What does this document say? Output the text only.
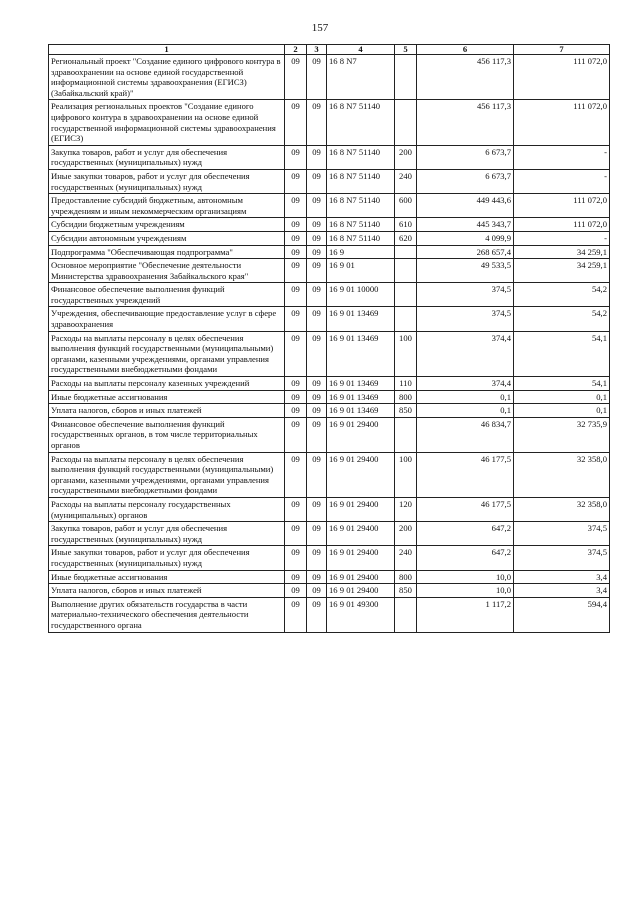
157
1	2	3	4	5	6	7
Региональный проект "Создание единого цифрового контура в здравоохранении на основе единой государственной информационной системы здравоохранения (ЕГИСЗ) (Забайкальский край)"	09	09	16 8 N7		456 117,3	111 072,0
Реализация региональных проектов "Создание единого цифрового контура в здравоохранении на основе единой государственной информационной системы здравоохранения (ЕГИСЗ)	09	09	16 8 N7 51140		456 117,3	111 072,0
Закупка товаров, работ и услуг для обеспечения государственных (муниципальных) нужд	09	09	16 8 N7 51140	200	6 673,7	-
Иные закупки товаров, работ и услуг для обеспечения государственных (муниципальных) нужд	09	09	16 8 N7 51140	240	6 673,7	-
Предоставление субсидий бюджетным, автономным учреждениям и иным некоммерческим организациям	09	09	16 8 N7 51140	600	449 443,6	111 072,0
Субсидии бюджетным учреждениям	09	09	16 8 N7 51140	610	445 343,7	111 072,0
Субсидии автономным учреждениям	09	09	16 8 N7 51140	620	4 099,9	-
Подпрограмма "Обеспечивающая подпрограмма"	09	09	16 9		268 657,4	34 259,1
Основное мероприятие "Обеспечение деятельности Министерства здравоохранения Забайкальского края"	09	09	16 9 01		49 533,5	34 259,1
Финансовое обеспечение выполнения функций государственных учреждений	09	09	16 9 01 10000		374,5	54,2
Учреждения, обеспечивающие предоставление услуг в сфере здравоохранения	09	09	16 9 01 13469		374,5	54,2
Расходы на выплаты персоналу в целях обеспечения выполнения функций государственными (муниципальными) органами, казенными учреждениями, органами управления государственными внебюджетными фондами	09	09	16 9 01 13469	100	374,4	54,1
Расходы на выплаты персоналу казенных учреждений	09	09	16 9 01 13469	110	374,4	54,1
Иные бюджетные ассигнования	09	09	16 9 01 13469	800	0,1	0,1
Уплата налогов, сборов и иных платежей	09	09	16 9 01 13469	850	0,1	0,1
Финансовое обеспечение выполнения функций государственных органов, в том числе территориальных органов	09	09	16 9 01 29400		46 834,7	32 735,9
Расходы на выплаты персоналу в целях обеспечения выполнения функций государственными (муниципальными) органами, казенными учреждениями, органами управления государственными внебюджетными фондами	09	09	16 9 01 29400	100	46 177,5	32 358,0
Расходы на выплаты персоналу государственных (муниципальных) органов	09	09	16 9 01 29400	120	46 177,5	32 358,0
Закупка товаров, работ и услуг для обеспечения государственных (муниципальных) нужд	09	09	16 9 01 29400	200	647,2	374,5
Иные закупки товаров, работ и услуг для обеспечения государственных (муниципальных) нужд	09	09	16 9 01 29400	240	647,2	374,5
Иные бюджетные ассигнования	09	09	16 9 01 29400	800	10,0	3,4
Уплата налогов, сборов и иных платежей	09	09	16 9 01 29400	850	10,0	3,4
Выполнение других обязательств государства в части материально-технического обеспечения деятельности государственного органа	09	09	16 9 01 49300		1 117,2	594,4
